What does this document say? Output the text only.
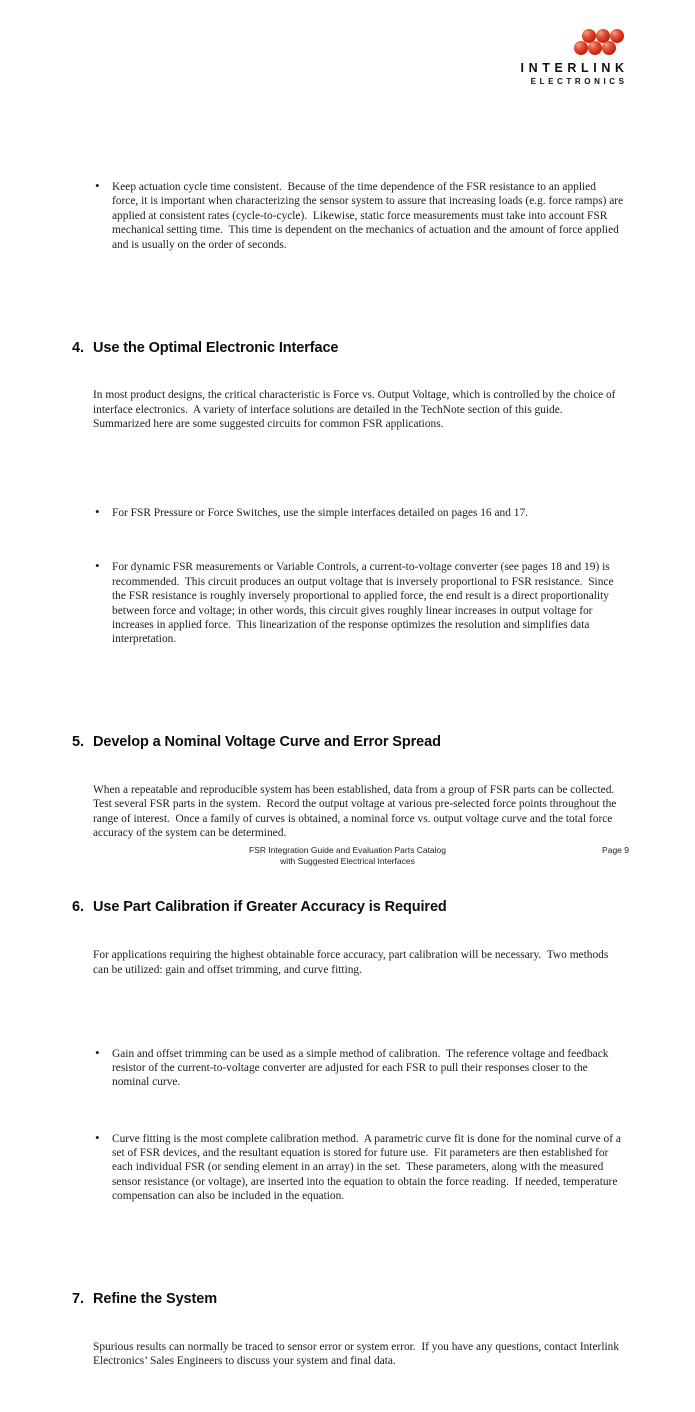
INTERLINK
ELECTRONICS

• Keep actuation cycle time consistent.  Because of the time dependence of the FSR resistance to an applied force, it is important when characterizing the sensor system to assure that increasing loads (e.g. force ramps) are applied at consistent rates (cycle-to-cycle).  Likewise, static force measurements must take into account FSR mechanical setting time.  This time is dependent on the mechanics of actuation and the amount of force applied and is usually on the order of seconds.

4. Use the Optimal Electronic Interface

In most product designs, the critical characteristic is Force vs. Output Voltage, which is controlled by the choice of interface electronics.  A variety of interface solutions are detailed in the TechNote section of this guide.  Summarized here are some suggested circuits for common FSR applications.

• For FSR Pressure or Force Switches, use the simple interfaces detailed on pages 16 and 17.

• For dynamic FSR measurements or Variable Controls, a current-to-voltage converter (see pages 18 and 19) is recommended.  This circuit produces an output voltage that is inversely proportional to FSR resistance.  Since the FSR resistance is roughly inversely proportional to applied force, the end result is a direct proportionality between force and voltage; in other words, this circuit gives roughly linear increases in output voltage for increases in applied force.  This linearization of the response optimizes the resolution and simplifies data interpretation.

5. Develop a Nominal Voltage Curve and Error Spread

When a repeatable and reproducible system has been established, data from a group of FSR parts can be collected.  Test several FSR parts in the system.  Record the output voltage at various pre-selected force points throughout the range of interest.  Once a family of curves is obtained, a nominal force vs. output voltage curve and the total force accuracy of the system can be determined.

6. Use Part Calibration if Greater Accuracy is Required

For applications requiring the highest obtainable force accuracy, part calibration will be necessary.  Two methods can be utilized: gain and offset trimming, and curve fitting.

• Gain and offset trimming can be used as a simple method of calibration.  The reference voltage and feedback resistor of the current-to-voltage converter are adjusted for each FSR to pull their responses closer to the nominal curve.

• Curve fitting is the most complete calibration method.  A parametric curve fit is done for the nominal curve of a set of FSR devices, and the resultant equation is stored for future use.  Fit parameters are then established for each individual FSR (or sending element in an array) in the set.  These parameters, along with the measured sensor resistance (or voltage), are inserted into the equation to obtain the force reading.  If needed, temperature compensation can also be included in the equation.

7. Refine the System

Spurious results can normally be traced to sensor error or system error.  If you have any questions, contact Interlink Electronics’ Sales Engineers to discuss your system and final data.

FSR Integration Guide and Evaluation Parts Catalog
with Suggested Electrical Interfaces
Page 9
